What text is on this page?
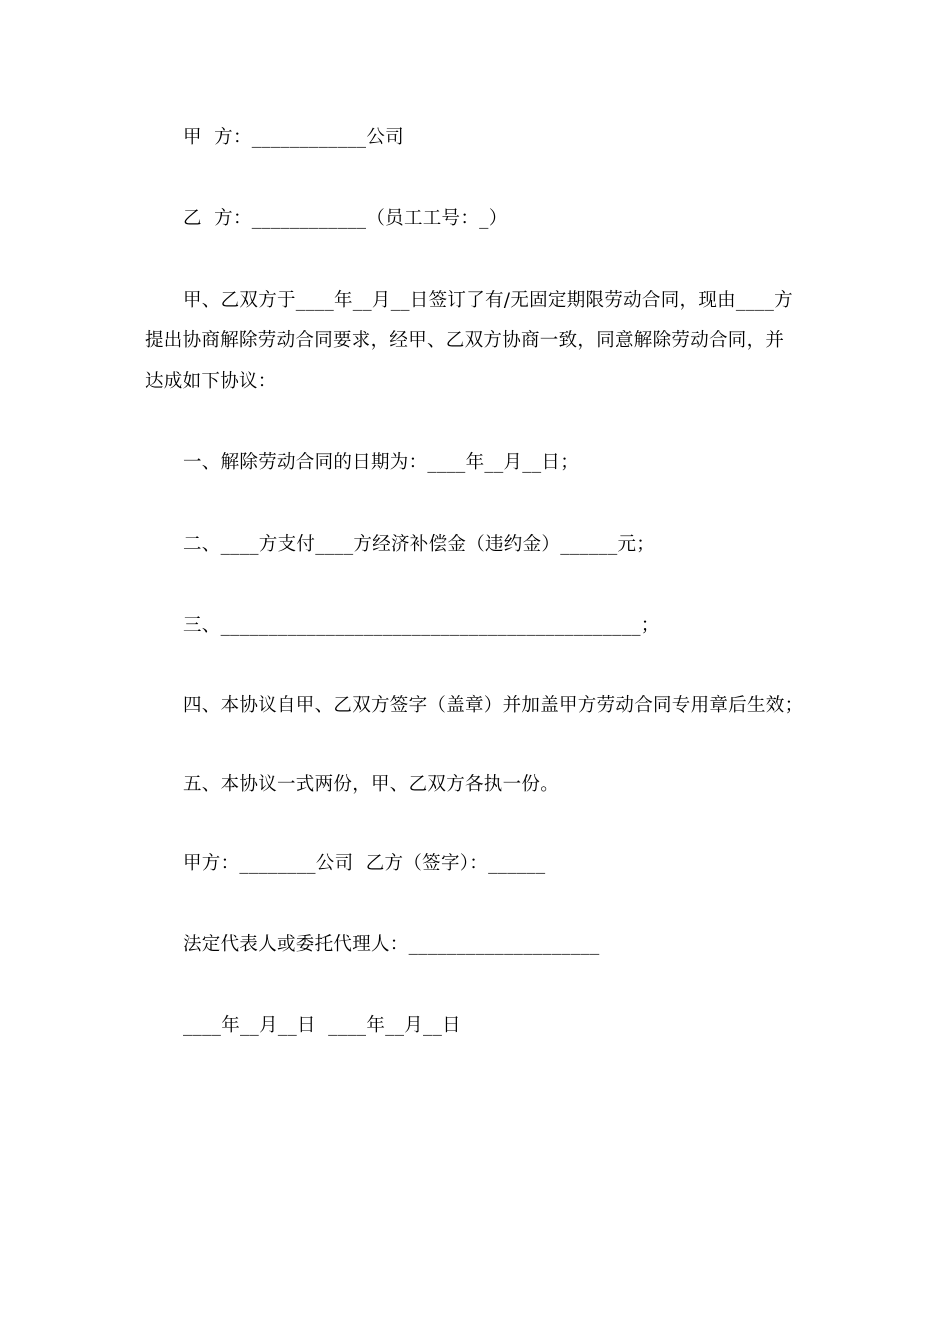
甲  方：____________公司
乙  方：____________（员工工号：_）
甲、乙双方于____年__月__日签订了有/无固定期限劳动合同，现由____方
提出协商解除劳动合同要求，经甲、乙双方协商一致，同意解除劳动合同，并
达成如下协议：
一、解除劳动合同的日期为：____年__月__日；
二、____方支付____方经济补偿金（违约金）______元；
三、____________________________________________；
四、本协议自甲、乙双方签字（盖章）并加盖甲方劳动合同专用章后生效；
五、本协议一式两份，甲、乙双方各执一份。
甲方：________公司  乙方（签字）：______
法定代表人或委托代理人：____________________
____年__月__日  ____年__月__日
